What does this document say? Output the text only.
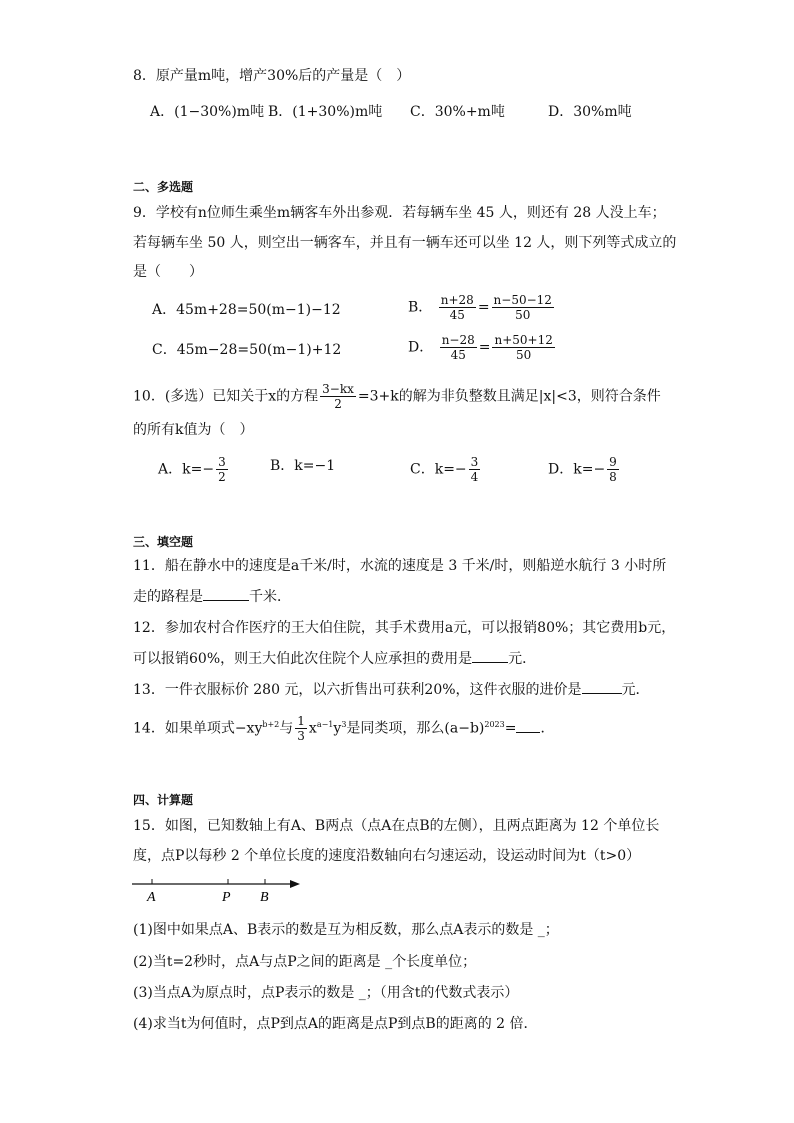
8．原产量m吨，增产30%后的产量是（　）
A．(1−30%)m吨 B．(1+30%)m吨 C．30%+m吨	D．30%m吨
二、多选题
9．学校有n位师生乘坐m辆客车外出参观．若每辆车坐 45 人，则还有 28 人没上车；
若每辆车坐 50 人，则空出一辆客车，并且有一辆车还可以坐 12 人，则下列等式成立的
是（　　）
A．45m+28=50(m−1)−12	B． $\frac{n+28}{45} = \frac{n-50-12}{50}$
C．45m−28=50(m−1)+12	D． $\frac{n-28}{45} = \frac{n+50+12}{50}$
10．(多选）已知关于x的方程 $\frac{3-kx}{2} =3+k$的解为非负整数且满足|x|<3，则符合条件
的所有k值为（　）
A．$k=- \frac{3}{2}$	B．k=−1	C．$k=- \frac{3}{4}$	D．$k=- \frac{9}{8}$
三、填空题
11．船在静水中的速度是a千米/时，水流的速度是 3 千米/时，则船逆水航行 3 小时所
走的路程是	千米．
12．参加农村合作医疗的王大伯住院，其手术费用a元，可以报销80%；其它费用b元，
可以报销60%，则王大伯此次住院个人应承担的费用是	元．
13．一件衣服标价 280 元，以六折售出可获利20%，这件衣服的进价是	元．
14．如果单项式$-xy^{b+2}$与 $\frac{1}{3} x^{a-1}y^3$是同类项，那么$(a-b)^{2023}=$ ．
四、计算题
15．如图，已知数轴上有A、B两点（点A在点B的左侧），且两点距离为 12 个单位长
度，点P以每秒 2 个单位长度的速度沿数轴向右匀速运动，设运动时间为t（t>0）
A	P B
(1)图中如果点A、B表示的数是互为相反数，那么点A表示的数是 _；
(2)当t=2秒时，点A与点P之间的距离是 _个长度单位；
(3)当点A为原点时，点P表示的数是 _；（用含t的代数式表示）
(4)求当t为何值时，点P到点A的距离是点P到点B的距离的 2 倍．
